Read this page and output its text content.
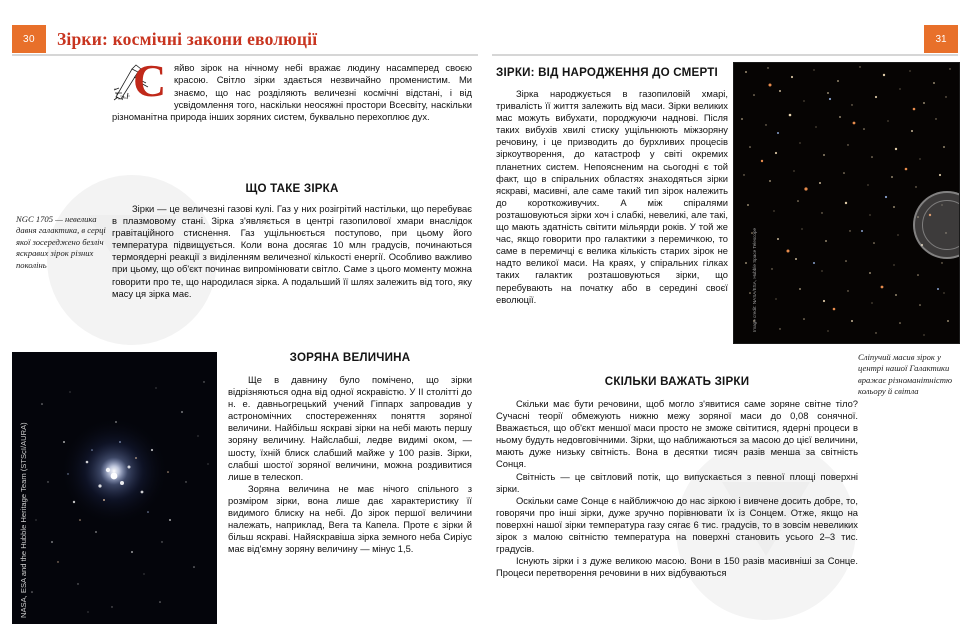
30	Зірки: космічні закони еволюції	31
С яйво зірок на нічному небі вражає людину насамперед своєю красою. Світло зірки здається незвичайно променистим. Ми знаємо, що нас розділяють величезні космічні відстані, і від усвідомлення того, наскільки неосяжні простори Всесвіту, наскільки різноманітна природа інших зоряних систем, буквально перехоплює дух.
ЩО ТАКЕ ЗІРКА

Зірки — це величезні газові кулі. Газ у них розігрітий настільки, що перебуває в плазмовому стані. Зірка з'являється в центрі газопилової хмари внаслідок гравітаційного стиснення. Газ ущільнюється поступово, при цьому його температура підвищується. Коли вона досягає 10 млн градусів, починаються термоядерні реакції з виділенням величезної кількості енергії. Особливо важливо при цьому, що об'єкт починає випромінювати світло. Саме з цього моменту можна говорити про те, що народилася зірка. А подальший її шлях залежить від того, яку масу ця зірка має.

ЗОРЯНА ВЕЛИЧИНА

Ще в давнину було помічено, що зірки відрізняються одна від одної яскравістю. У II столітті до н. е. давньогрецький учений Гіппарх запровадив у астрономічних спостереженнях поняття зоряної величини. Найбільш яскраві зірки на небі мають першу зоряну величину. Найслабші, ледве видимі оком, — шосту, їхній блиск слабший майже у 100 разів. Зірки, слабші шостої зоряної величини, можна роздивитися лише в телескоп.

Зоряна величина не має нічого спільного з розміром зірки, вона лише дає характеристику її видимого блиску на небі. До зірок першої величини належать, наприклад, Вега та Капела. Проте є зірки й більш яскраві. Найяскравіша зірка земного неба Сиріус має від'ємну зоряну величину — мінус 1,5.

NGC 1705 — невелика давня галактика, в серці якої зосереджено безліч яскравих зірок різних поколінь
NASA, ESA and the Hubble Heritage Team (STScI/AURA)
ЗІРКИ: ВІД НАРОДЖЕННЯ ДО СМЕРТІ

Зірка народжується в газопиловій хмарі, тривалість її життя залежить від маси. Зірки великих мас можуть вибухати, породжуючи наднові. Після таких вибухів хвилі стиску ущільнюють міжзоряну речовину, і це призводить до бурхливих процесів зіркоутворення, до катастроф у світі окремих планетних систем. Непоясненим на сьогодні є той факт, що в спіральних областях знаходяться зірки яскраві, масивні, але саме такий тип зірок належить до короткоживучих. А між спіралями розташовуються зірки хоч і слабкі, невеликі, але такі, що мають здатність світити мільярди років. У той же час, якщо говорити про галактики з перемичкою, то саме в перемичці є велика кількість старих зірок не надто великої маси. На краях, у спіральних гілках таких галактик розташовуються зірки, що перебувають на початку або в середині своєї еволюції.

СКІЛЬКИ ВАЖАТЬ ЗІРКИ

Скільки має бути речовини, щоб могло з'явитися саме зоряне світне тіло? Сучасні теорії обмежують нижню межу зоряної маси до 0,08 сонячної. Вважається, що об'єкт меншої маси просто не зможе світитися, ядерні процеси в ньому будуть недовговічними. Зірки, що наближаються за масою до цієї величини, мають дуже низьку світність. Вона в десятки тисяч разів менша за світність Сонця.

Світність — це світловий потік, що випускається з певної площі поверхні зірки.

Оскільки саме Сонце є найближчою до нас зіркою і вивчене досить добре, то, говорячи про інші зірки, дуже зручно порівнювати їх із Сонцем. Отже, якщо на поверхні нашої зірки температура газу сягає 6 тис. градусів, то в зовсім невеликих зірок з малою світністю температура на поверхні становить усього 2–3 тис. градусів.

Існують зірки і з дуже великою масою. Вони в 150 разів масивніші за Сонце. Процеси перетворення речовини в них відбуваються

Image credit: NASA/ESA, Hubble Space Telescope
Сліпучий масив зірок у центрі нашої Галактики вражає різноманітністю кольору й світла
